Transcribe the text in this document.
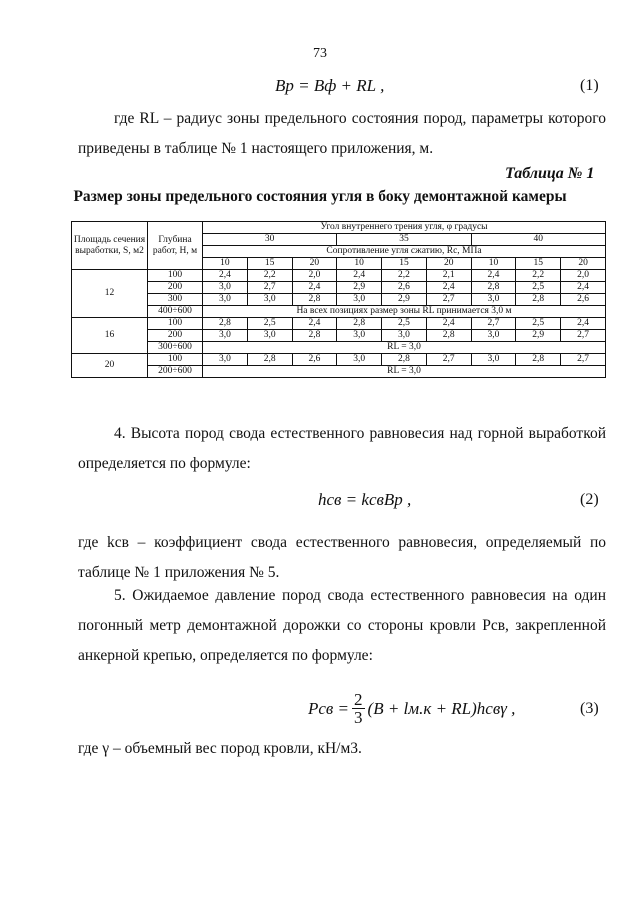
73
Bр = Bф + RL ,	(1)
где RL – радиус зоны предельного состояния пород, параметры которого приведены в таблице № 1 настоящего приложения, м.
Таблица № 1
Размер зоны предельного состояния угля в боку демонтажной камеры
Площадь сечения выработки, S, м2	Глубина работ, H, м	Угол внутреннего трения угля, φ градусы								
		30			35			40		
		Сопротивление угля сжатию, Rc, МПа								
		10	15	20	10	15	20	10	15	20
12	100	2,4	2,2	2,0	2,4	2,2	2,1	2,4	2,2	2,0
	200	3,0	2,7	2,4	2,9	2,6	2,4	2,8	2,5	2,4
	300	3,0	3,0	2,8	3,0	2,9	2,7	3,0	2,8	2,6
	400÷600	На всех позициях размер зоны RL принимается 3,0 м								
16	100	2,8	2,5	2,4	2,8	2,5	2,4	2,7	2,5	2,4
	200	3,0	3,0	2,8	3,0	3,0	2,8	3,0	2,9	2,7
	300÷600	RL = 3,0								
20	100	3,0	2,8	2,6	3,0	2,8	2,7	3,0	2,8	2,7
	200÷600	RL = 3,0								
4. Высота пород свода естественного равновесия над горной выработкой определяется по формуле:
hсв = kсвBр ,	(2)
где kсв – коэффициент свода естественного равновесия, определяемый по таблице № 1 приложения № 5.
5. Ожидаемое давление пород свода естественного равновесия на один погонный метр демонтажной дорожки со стороны кровли Pсв, закрепленной анкерной крепью, определяется по формуле:
Pсв = $\frac{2}{3} (B + lм.к + RL)hсв\gamma$ ,	(3)
где γ – объемный вес пород кровли, кН/м3.
